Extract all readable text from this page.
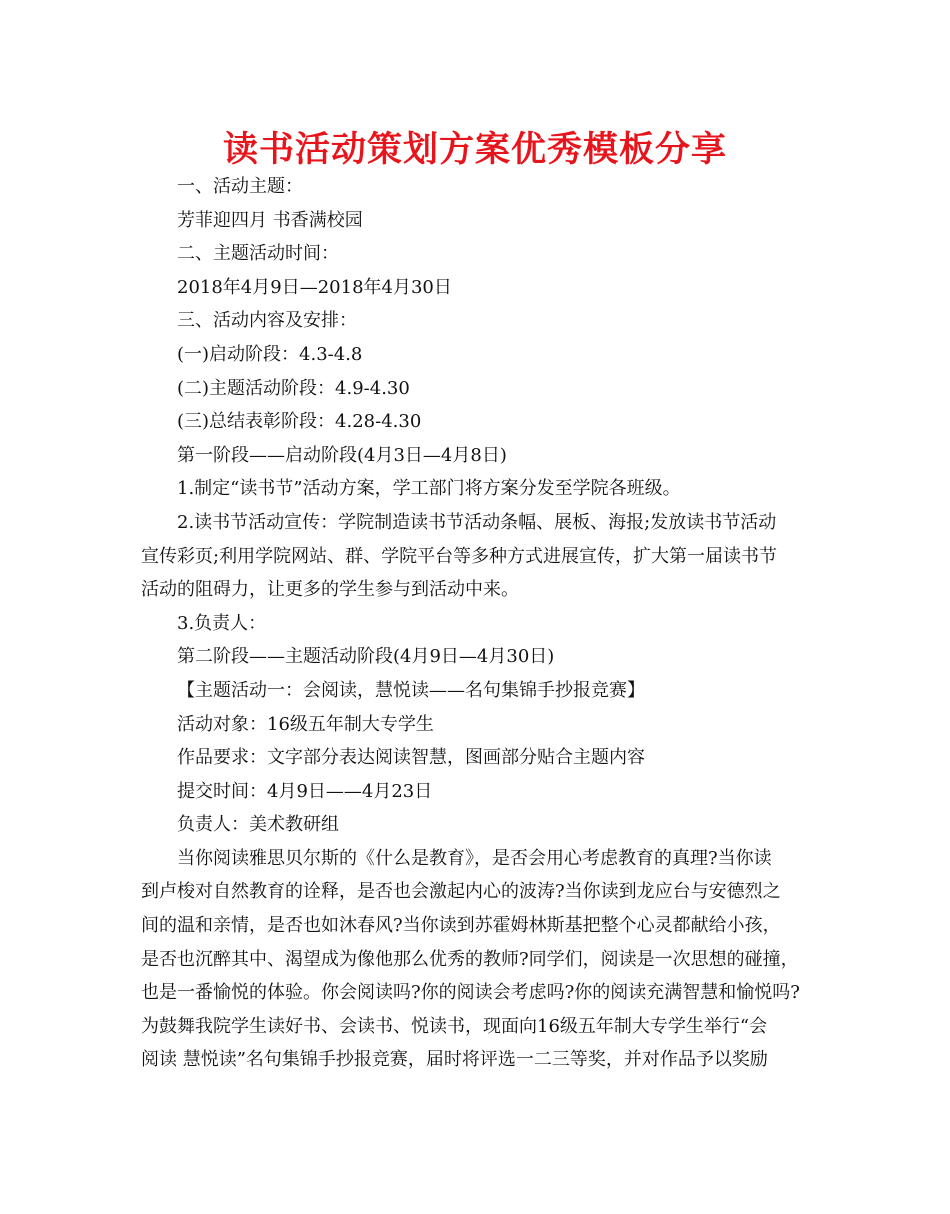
读书活动策划方案优秀模板分享
一、活动主题：
芳菲迎四月 书香满校园
二、主题活动时间：
2018年4月9日—2018年4月30日
三、活动内容及安排：
(一)启动阶段：4.3-4.8
(二)主题活动阶段：4.9-4.30
(三)总结表彰阶段：4.28-4.30
第一阶段——启动阶段(4月3日—4月8日)
1.制定“读书节”活动方案，学工部门将方案分发至学院各班级。
2.读书节活动宣传：学院制造读书节活动条幅、展板、海报;发放读书节活动
宣传彩页;利用学院网站、群、学院平台等多种方式进展宣传，扩大第一届读书节
活动的阻碍力，让更多的学生参与到活动中来。
3.负责人：
第二阶段——主题活动阶段(4月9日—4月30日)
【主题活动一：会阅读，慧悦读——名句集锦手抄报竞赛】
活动对象：16级五年制大专学生
作品要求：文字部分表达阅读智慧，图画部分贴合主题内容
提交时间：4月9日——4月23日
负责人：美术教研组
当你阅读雅思贝尔斯的《什么是教育》，是否会用心考虑教育的真理?当你读
到卢梭对自然教育的诠释，是否也会激起内心的波涛?当你读到龙应台与安德烈之
间的温和亲情，是否也如沐春风?当你读到苏霍姆林斯基把整个心灵都献给小孩，
是否也沉醉其中、渴望成为像他那么优秀的教师?同学们，阅读是一次思想的碰撞，
也是一番愉悦的体验。你会阅读吗?你的阅读会考虑吗?你的阅读充满智慧和愉悦吗?
为鼓舞我院学生读好书、会读书、悦读书，现面向16级五年制大专学生举行“会
阅读 慧悦读”名句集锦手抄报竞赛，届时将评选一二三等奖，并对作品予以奖励
